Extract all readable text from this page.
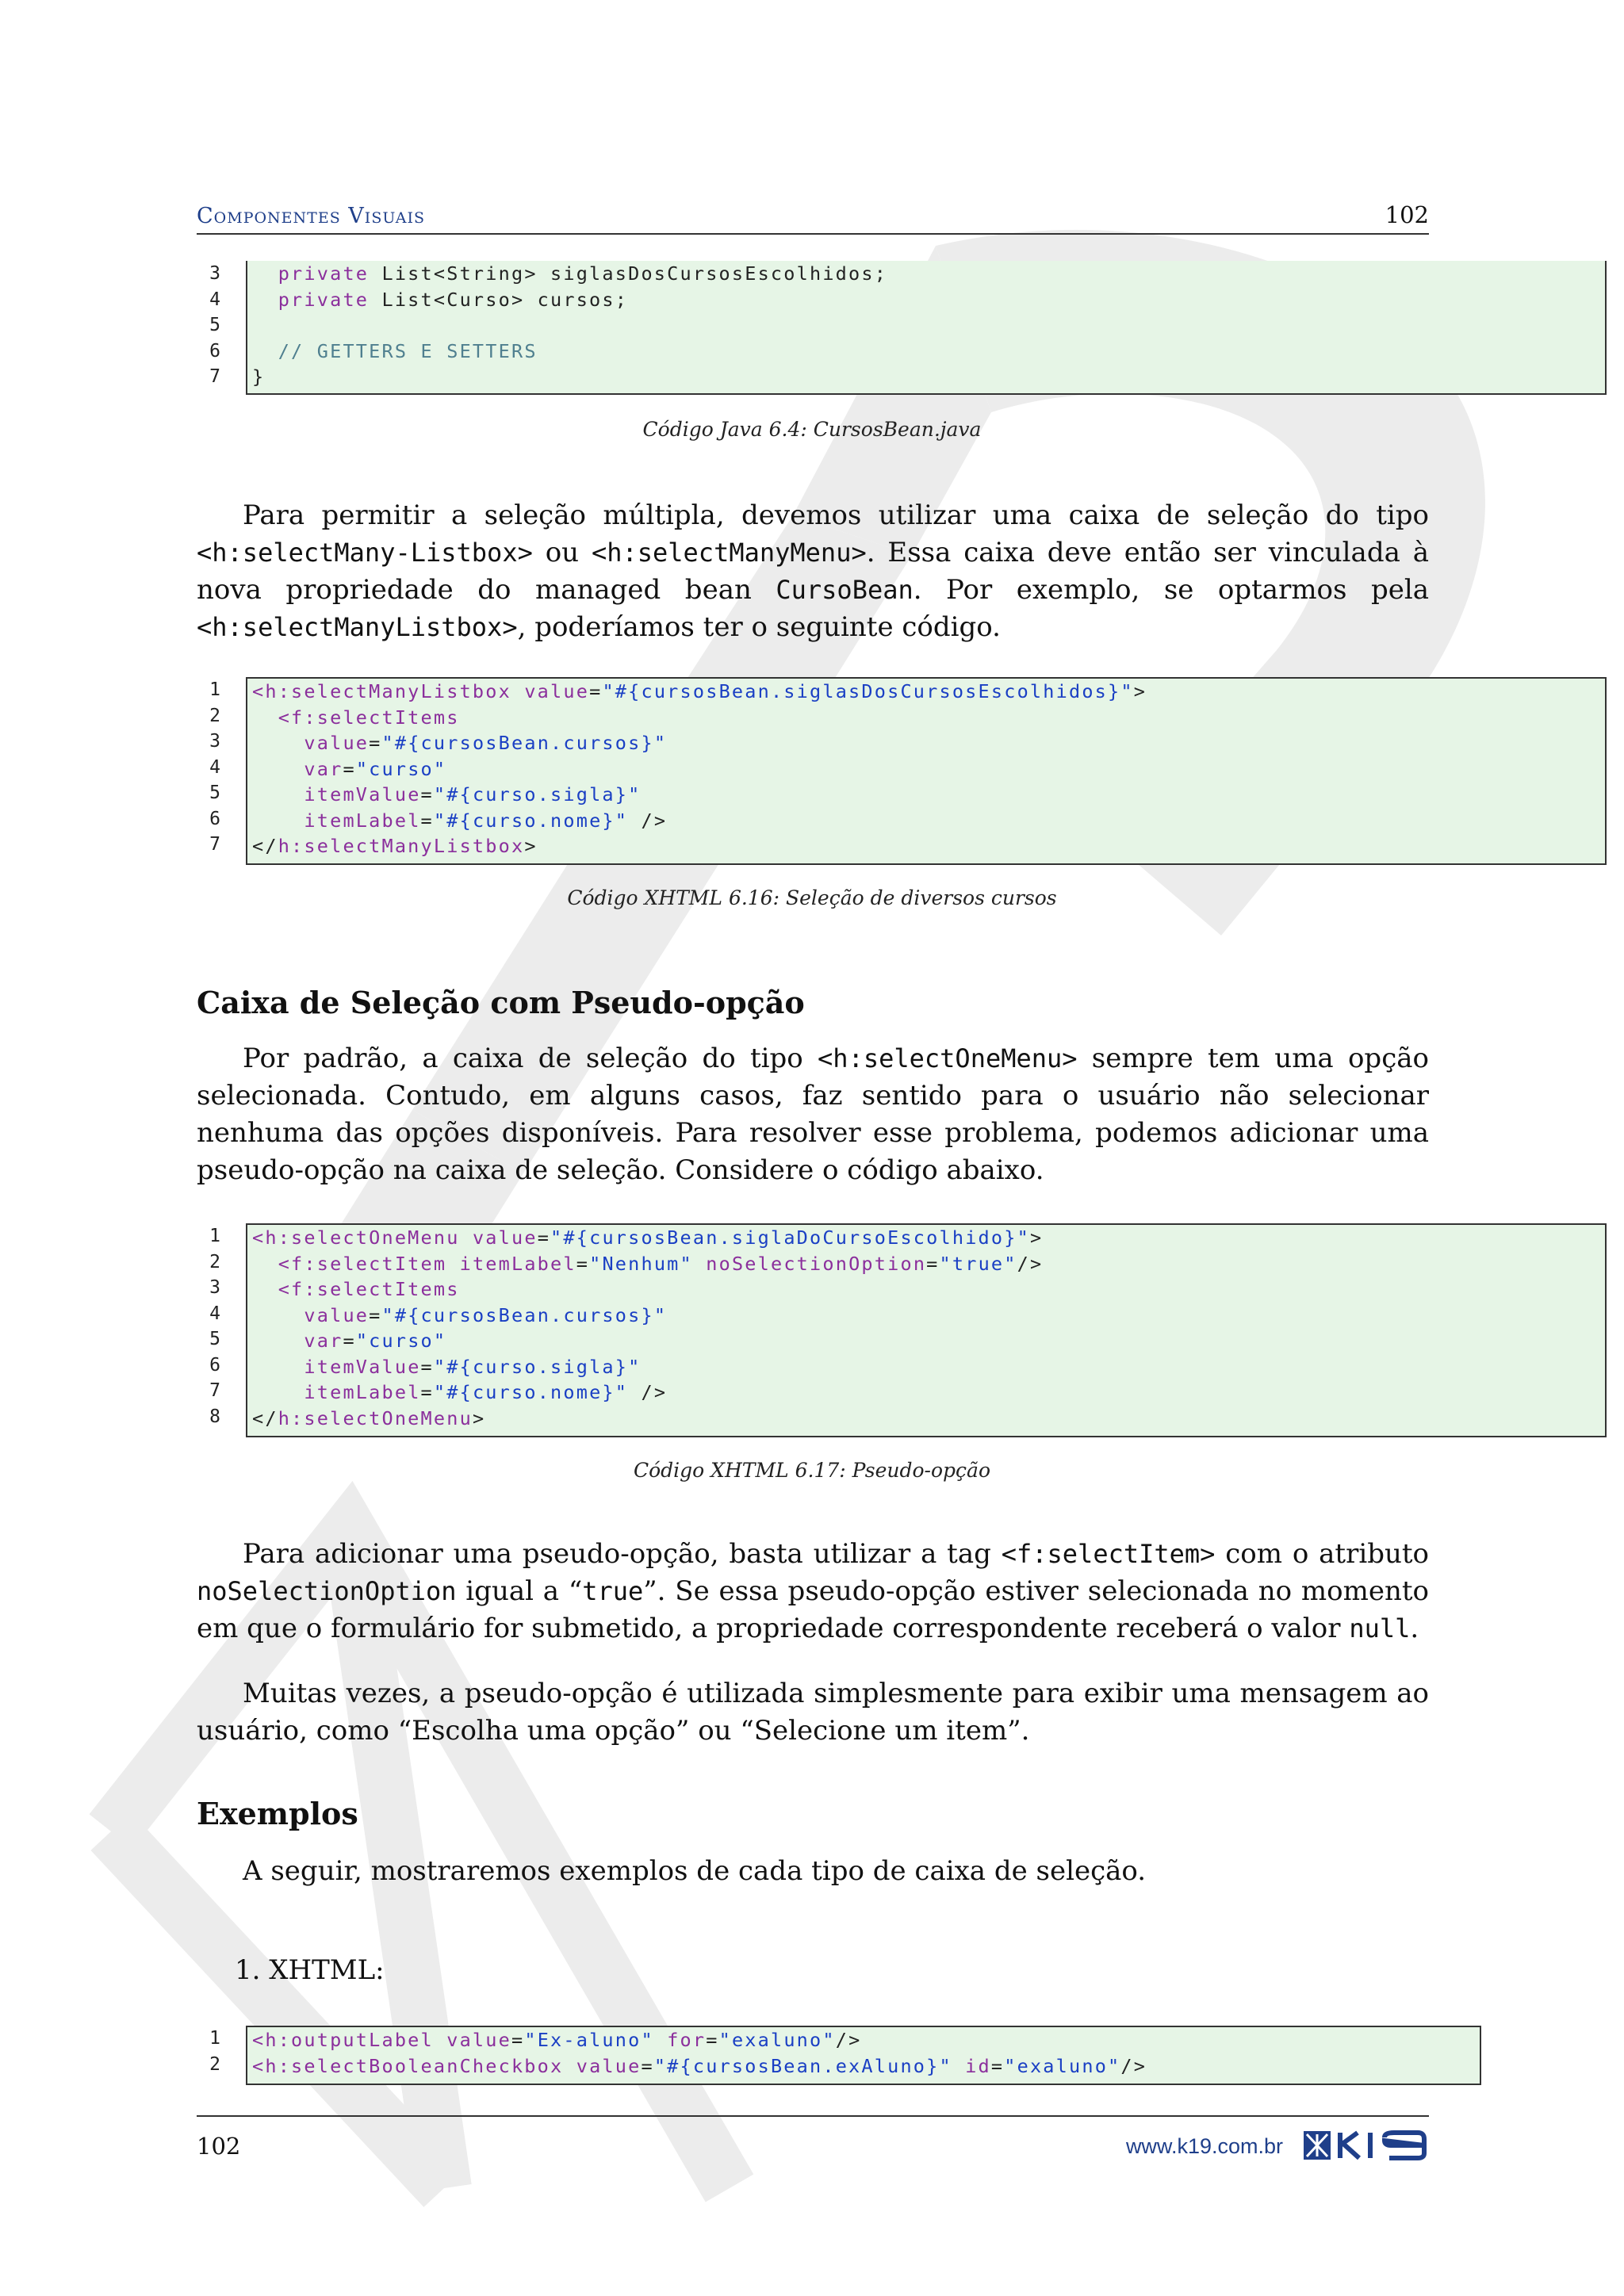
Componentes Visuais	102
3
4
5
6
7
private List<String> siglasDosCursosEscolhidos;
private List<Curso> cursos;
// GETTERS E SETTERS
}
Código Java 6.4: CursosBean.java

Para permitir a seleção múltipla, devemos utilizar uma caixa de seleção do tipo <h:selectMany-Listbox> ou <h:selectManyMenu>. Essa caixa deve então ser vinculada à nova propriedade do managed bean CursoBean. Por exemplo, se optarmos pela <h:selectManyListbox>, poderíamos ter o seguinte código.

1
2
3
4
5
6
7
<h:selectManyListbox value="#{cursosBean.siglasDosCursosEscolhidos}">
<f:selectItems
value="#{cursosBean.cursos}"
var="curso"
itemValue="#{curso.sigla}"
itemLabel="#{curso.nome}" />
</h:selectManyListbox>
Código XHTML 6.16: Seleção de diversos cursos
Caixa de Seleção com Pseudo-opção

Por padrão, a caixa de seleção do tipo <h:selectOneMenu> sempre tem uma opção selecionada. Contudo, em alguns casos, faz sentido para o usuário não selecionar nenhuma das opções disponíveis. Para resolver esse problema, podemos adicionar uma pseudo-opção na caixa de seleção. Considere o código abaixo.

1
2
3
4
5
6
7
8
<h:selectOneMenu value="#{cursosBean.siglaDoCursoEscolhido}">
<f:selectItem itemLabel="Nenhum" noSelectionOption="true"/>
<f:selectItems
value="#{cursosBean.cursos}"
var="curso"
itemValue="#{curso.sigla}"
itemLabel="#{curso.nome}" />
</h:selectOneMenu>
Código XHTML 6.17: Pseudo-opção

Para adicionar uma pseudo-opção, basta utilizar a tag <f:selectItem> com o atributo noSelectionOption igual a “true”. Se essa pseudo-opção estiver selecionada no momento em que o formulário for submetido, a propriedade correspondente receberá o valor null.

Muitas vezes, a pseudo-opção é utilizada simplesmente para exibir uma mensagem ao usuário, como “Escolha uma opção” ou “Selecione um item”.

Exemplos

A seguir, mostraremos exemplos de cada tipo de caixa de seleção.

1. XHTML:
1
2
<h:outputLabel value="Ex-aluno" for="exaluno"/>
<h:selectBooleanCheckbox value="#{cursosBean.exAluno}" id="exaluno"/>
102	www.k19.com.br
